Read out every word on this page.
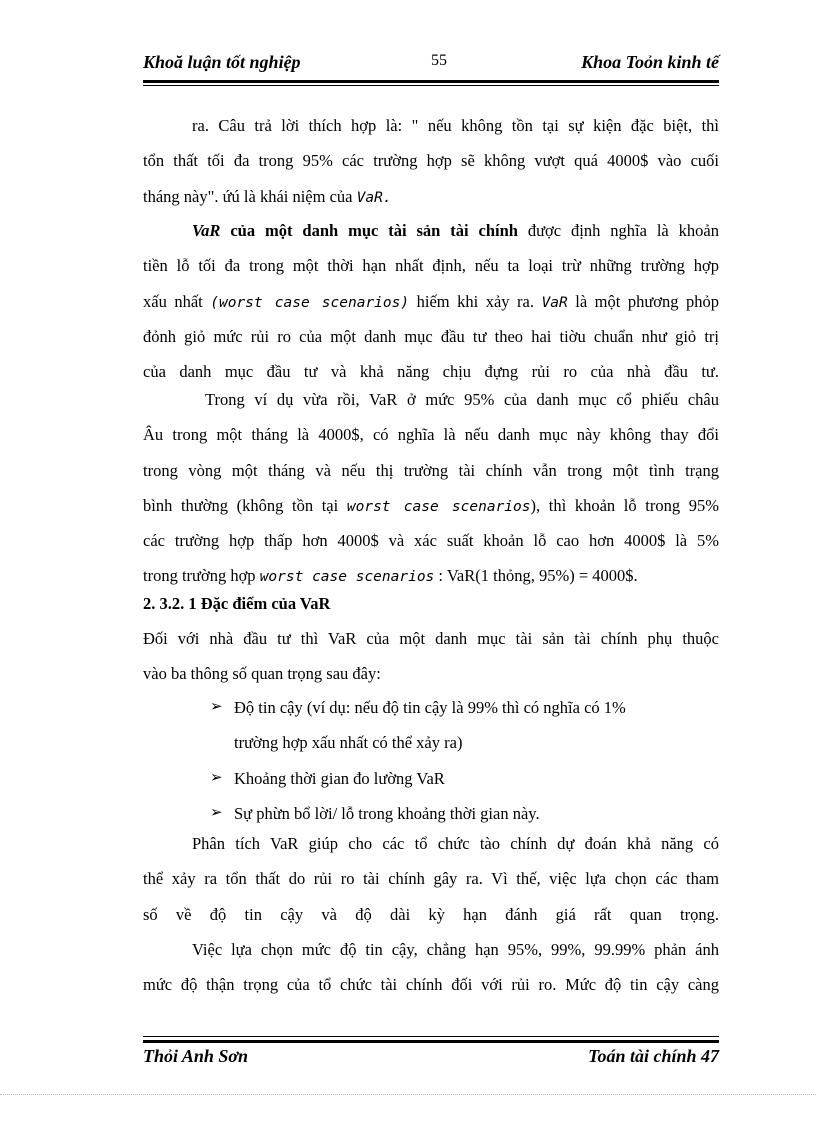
Khoă luận tốt nghiệp	55	Khoa Toỏn kinh tế
ra. Câu trả lời thích hợp là: " nếu không tồn tại sự kiện đặc biệt, thì
tổn thất tối đa trong 95% các trường hợp sẽ không vượt quá 4000$ vào cuối
tháng này". ứú là khái niệm của VaR.
VaR của một danh mục tài sản tài chính được định nghĩa là khoản
tiền lỗ tối đa trong một thời hạn nhất định, nếu ta loại trừ những trường hợp
xấu nhất (worst case scenarios) hiếm khi xảy ra. VaR là một phương phỏp
đỏnh giỏ mức rủi ro của một danh mục đầu tư theo hai tiờu chuẩn như giỏ trị
của danh mục đầu tư và khả năng chịu đựng rủi ro của nhà đầu tư.
Trong ví dụ vừa rồi, VaR ở mức 95% của danh mục cổ phiếu châu
Âu trong một tháng là 4000$, có nghĩa là nếu danh mục này không thay đổi
trong vòng một tháng và nếu thị trường tài chính vẫn trong một tình trạng
bình thường (không tồn tại worst case scenarios), thì khoản lỗ trong 95%
các trường hợp thấp hơn 4000$ và xác suất khoản lỗ cao hơn 4000$ là 5%
trong trường hợp worst case scenarios : VaR(1 thỏng, 95%) = 4000$.
2. 3.2. 1 Đặc điểm của VaR
Đối với nhà đầu tư thì VaR của một danh mục tài sản tài chính phụ thuộc
vào ba thông số quan trọng sau đây:
➢ Độ tin cậy (ví dụ: nếu độ tin cậy là 99% thì có nghĩa có 1%
trường hợp xấu nhất có thể xảy ra)
➢ Khoảng thời gian đo lường VaR
➢ Sự phừn bổ lời/ lỗ trong khoảng thời gian này.
Phân tích VaR giúp cho các tổ chức tào chính dự đoán khả năng có
thể xảy ra tổn thất do rủi ro tài chính gây ra. Vì thế, việc lựa chọn các tham
số về độ tin cậy và độ dài kỳ hạn đánh giá rất quan trọng.
Việc lựa chọn mức độ tin cậy, chẳng hạn 95%, 99%, 99.99% phản ánh
mức độ thận trọng của tổ chức tài chính đối với rủi ro. Mức độ tin cậy càng
Thỏi Anh Sơn	Toán tài chính 47
